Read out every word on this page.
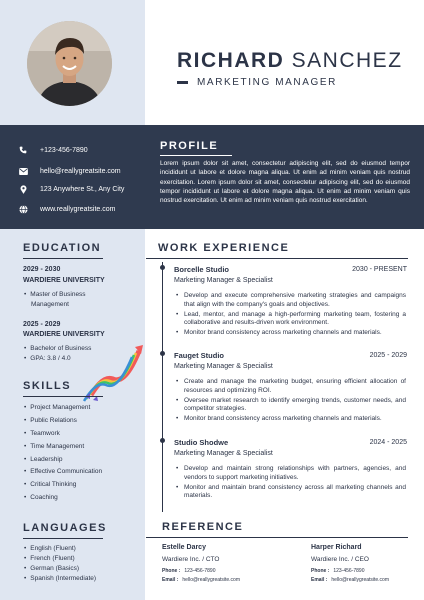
RICHARD SANCHEZ
MARKETING MANAGER
+123-456-7890
hello@reallygreatsite.com
123 Anywhere St., Any City
www.reallygreatsite.com
PROFILE
Lorem ipsum dolor sit amet, consectetur adipiscing elit, sed do eiusmod tempor incididunt ut labore et dolore magna aliqua. Ut enim ad minim veniam quis nostrud exercitation. Lorem ipsum dolor sit amet, consectetur adipiscing elit, sed do eiusmod tempor incididunt ut labore et dolore magna aliqua. Ut enim ad minim veniam quis nostrud exercitation. Ut enim ad minim veniam quis nostrud exercitation.
EDUCATION
2029 - 2030
WARDIERE UNIVERSITY
• Master of Business
Management
2025 - 2029
WARDIERE UNIVERSITY
• Bachelor of Business
• GPA: 3.8 / 4.0
SKILLS
• Project Management
• Public Relations
• Teamwork
• Time Management
• Leadership
• Effective Communication
• Critical Thinking
• Coaching
LANGUAGES
• English (Fluent)
• French (Fluent)
• German (Basics)
• Spanish (Intermediate)
WORK EXPERIENCE
Borcelle Studio	2030 - PRESENT
Marketing Manager & Specialist
• Develop and execute comprehensive marketing strategies and campaigns that align with the company's goals and objectives.
• Lead, mentor, and manage a high-performing marketing team, fostering a collaborative and results-driven work environment.
• Monitor brand consistency across marketing channels and materials.
Fauget Studio	2025 - 2029
Marketing Manager & Specialist
• Create and manage the marketing budget, ensuring efficient allocation of resources and optimizing ROI.
• Oversee market research to identify emerging trends, customer needs, and competitor strategies.
• Monitor brand consistency across marketing channels and materials.
Studio Shodwe	2024 - 2025
Marketing Manager & Specialist
• Develop and maintain strong relationships with partners, agencies, and vendors to support marketing initiatives.
• Monitor and maintain brand consistency across all marketing channels and materials.
REFERENCE
Estelle Darcy
Wardiere Inc. / CTO
Phone : 123-456-7890
Email : hello@reallygreatsite.com
Harper Richard
Wardiere Inc. / CEO
Phone : 123-456-7890
Email : hello@reallygreatsite.com
